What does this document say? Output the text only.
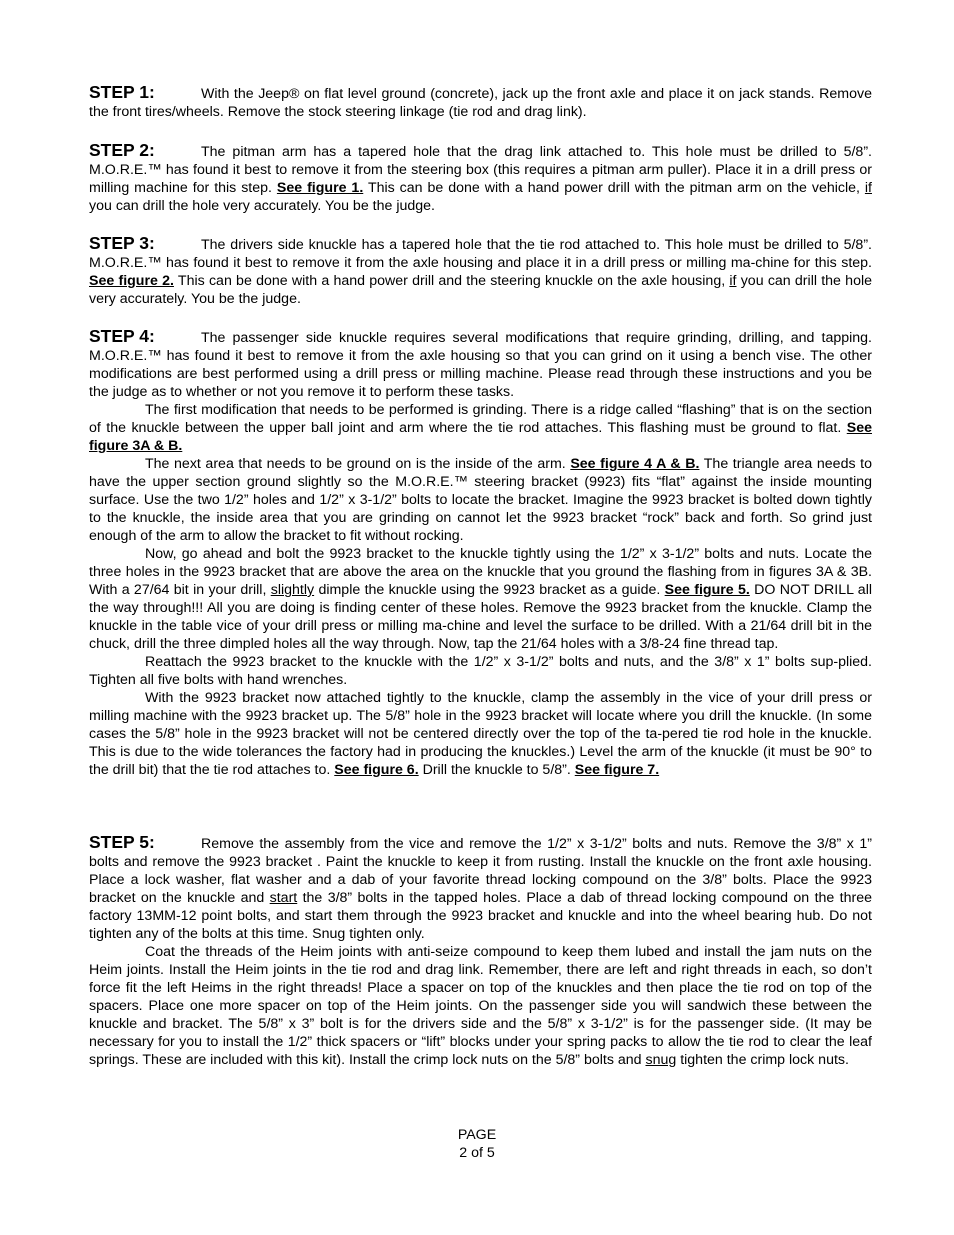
STEP 1:	With the Jeep® on flat level ground (concrete), jack up the front axle and place it on jack stands. Remove the front tires/wheels. Remove the stock steering linkage (tie rod and drag link).

STEP 2:	The pitman arm has a tapered hole that the drag link attached to. This hole must be drilled to 5/8”. M.O.R.E.™ has found it best to remove it from the steering box (this requires a pitman arm puller). Place it in a drill press or milling machine for this step. See figure 1. This can be done with a hand power drill with the pitman arm on the vehicle, if you can drill the hole very accurately. You be the judge.

STEP 3:	The drivers side knuckle has a tapered hole that the tie rod attached to. This hole must be drilled to 5/8”. M.O.R.E.™ has found it best to remove it from the axle housing and place it in a drill press or milling ma-chine for this step. See figure 2. This can be done with a hand power drill and the steering knuckle on the axle housing, if you can drill the hole very accurately. You be the judge.

STEP 4:	The passenger side knuckle requires several modifications that require grinding, drilling, and tapping. M.O.R.E.™ has found it best to remove it from the axle housing so that you can grind on it using a bench vise. The other modifications are best performed using a drill press or milling machine. Please read through these instructions and you be the judge as to whether or not you remove it to perform these tasks.

The first modification that needs to be performed is grinding. There is a ridge called “flashing” that is on the section of the knuckle between the upper ball joint and arm where the tie rod attaches. This flashing must be ground to flat. See figure 3A & B.

The next area that needs to be ground on is the inside of the arm. See figure 4 A & B. The triangle area needs to have the upper section ground slightly so the M.O.R.E.™ steering bracket (9923) fits “flat” against the inside mounting surface. Use the two 1/2” holes and 1/2” x 3-1/2” bolts to locate the bracket. Imagine the 9923 bracket is bolted down tightly to the knuckle, the inside area that you are grinding on cannot let the 9923 bracket “rock” back and forth. So grind just enough of the arm to allow the bracket to fit without rocking.

Now, go ahead and bolt the 9923 bracket to the knuckle tightly using the 1/2” x 3-1/2” bolts and nuts. Locate the three holes in the 9923 bracket that are above the area on the knuckle that you ground the flashing from in figures 3A & 3B. With a 27/64 bit in your drill, slightly dimple the knuckle using the 9923 bracket as a guide. See figure 5. DO NOT DRILL all the way through!!! All you are doing is finding center of these holes. Remove the 9923 bracket from the knuckle. Clamp the knuckle in the table vice of your drill press or milling ma-chine and level the surface to be drilled. With a 21/64 drill bit in the chuck, drill the three dimpled holes all the way through. Now, tap the 21/64 holes with a 3/8-24 fine thread tap.

Reattach the 9923 bracket to the knuckle with the 1/2” x 3-1/2” bolts and nuts, and the 3/8” x 1” bolts sup-plied. Tighten all five bolts with hand wrenches.

With the 9923 bracket now attached tightly to the knuckle, clamp the assembly in the vice of your drill press or milling machine with the 9923 bracket up. The 5/8” hole in the 9923 bracket will locate where you drill the knuckle. (In some cases the 5/8” hole in the 9923 bracket will not be centered directly over the top of the ta-pered tie rod hole in the knuckle. This is due to the wide tolerances the factory had in producing the knuckles.) Level the arm of the knuckle (it must be 90° to the drill bit) that the tie rod attaches to. See figure 6. Drill the knuckle to 5/8”. See figure 7.

STEP 5:	Remove the assembly from the vice and remove the 1/2” x 3-1/2” bolts and nuts. Remove the 3/8” x 1” bolts and remove the 9923 bracket . Paint the knuckle to keep it from rusting. Install the knuckle on the front axle housing. Place a lock washer, flat washer and a dab of your favorite thread locking compound on the 3/8” bolts. Place the 9923 bracket on the knuckle and start the 3/8” bolts in the tapped holes. Place a dab of thread locking compound on the three factory 13MM-12 point bolts, and start them through the 9923 bracket and knuckle and into the wheel bearing hub. Do not tighten any of the bolts at this time. Snug tighten only.

Coat the threads of the Heim joints with anti-seize compound to keep them lubed and install the jam nuts on the Heim joints. Install the Heim joints in the tie rod and drag link. Remember, there are left and right threads in each, so don’t force fit the left Heims in the right threads! Place a spacer on top of the knuckles and then place the tie rod on top of the spacers. Place one more spacer on top of the Heim joints. On the passenger side you will sandwich these between the knuckle and bracket. The 5/8” x 3” bolt is for the drivers side and the 5/8” x 3-1/2” is for the passenger side. (It may be necessary for you to install the 1/2” thick spacers or “lift” blocks under your spring packs to allow the tie rod to clear the leaf springs. These are included with this kit). Install the crimp lock nuts on the 5/8” bolts and snug tighten the crimp lock nuts.

PAGE
2 of 5
